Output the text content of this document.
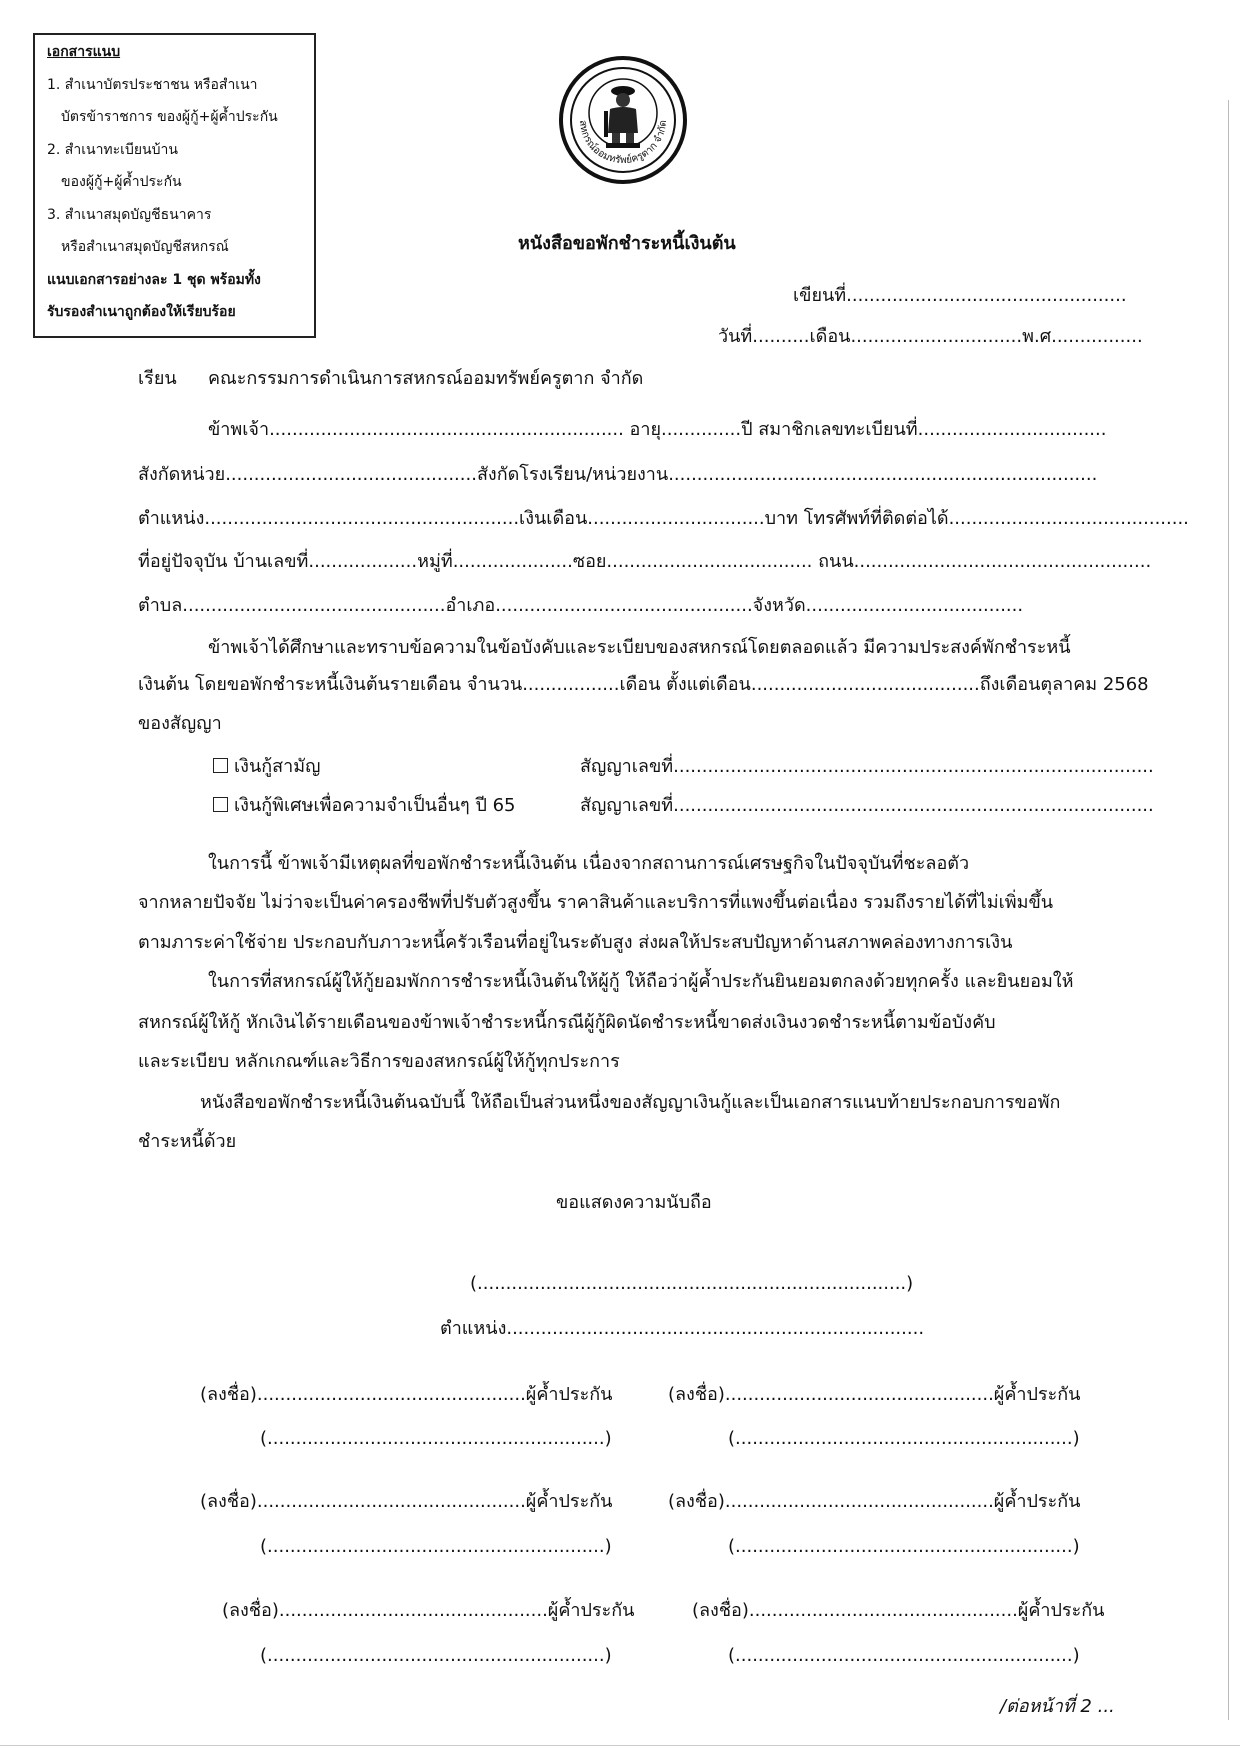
เอกสารแนบ
1. สำเนาบัตรประชาชน หรือสำเนา
บัตรข้าราชการ ของผู้กู้+ผู้ค้ำประกัน
2. สำเนาทะเบียนบ้าน
ของผู้กู้+ผู้ค้ำประกัน
3. สำเนาสมุดบัญชีธนาคาร
หรือสำเนาสมุดบัญชีสหกรณ์
แนบเอกสารอย่างละ 1 ชุด พร้อมทั้ง
รับรองสำเนาถูกต้องให้เรียบร้อย
สหกรณ์ออมทรัพย์ครูตาก จำกัด
หนังสือขอพักชำระหนี้เงินต้น
เขียนที่.................................................
วันที่..........เดือน..............................พ.ศ................
เรียน คณะกรรมการดำเนินการสหกรณ์ออมทรัพย์ครูตาก จำกัด
ข้าพเจ้า.............................................................. อายุ..............ปี สมาชิกเลขทะเบียนที่.................................
สังกัดหน่วย............................................สังกัดโรงเรียน/หน่วยงาน...........................................................................
ตำแหน่ง.......................................................เงินเดือน...............................บาท โทรศัพท์ที่ติดต่อได้..........................................
ที่อยู่ปัจจุบัน บ้านเลขที่...................หมู่ที่.....................ซอย.................................... ถนน....................................................
ตำบล..............................................อำเภอ.............................................จังหวัด......................................
ข้าพเจ้าได้ศึกษาและทราบข้อความในข้อบังคับและระเบียบของสหกรณ์โดยตลอดแล้ว มีความประสงค์พักชำระหนี้
เงินต้น โดยขอพักชำระหนี้เงินต้นรายเดือน จำนวน.................เดือน ตั้งแต่เดือน........................................ถึงเดือนตุลาคม 2568
ของสัญญา
เงินกู้สามัญ	สัญญาเลขที่....................................................................................
เงินกู้พิเศษเพื่อความจำเป็นอื่นๆ ปี 65	สัญญาเลขที่....................................................................................
ในการนี้ ข้าพเจ้ามีเหตุผลที่ขอพักชำระหนี้เงินต้น เนื่องจากสถานการณ์เศรษฐกิจในปัจจุบันที่ชะลอตัว
จากหลายปัจจัย ไม่ว่าจะเป็นค่าครองชีพที่ปรับตัวสูงขึ้น ราคาสินค้าและบริการที่แพงขึ้นต่อเนื่อง รวมถึงรายได้ที่ไม่เพิ่มขึ้น
ตามภาระค่าใช้จ่าย ประกอบกับภาวะหนี้ครัวเรือนที่อยู่ในระดับสูง ส่งผลให้ประสบปัญหาด้านสภาพคล่องทางการเงิน
ในการที่สหกรณ์ผู้ให้กู้ยอมพักการชำระหนี้เงินต้นให้ผู้กู้ ให้ถือว่าผู้ค้ำประกันยินยอมตกลงด้วยทุกครั้ง และยินยอมให้
สหกรณ์ผู้ให้กู้ หักเงินได้รายเดือนของข้าพเจ้าชำระหนี้กรณีผู้กู้ผิดนัดชำระหนี้ขาดส่งเงินงวดชำระหนี้ตามข้อบังคับ
และระเบียบ หลักเกณฑ์และวิธีการของสหกรณ์ผู้ให้กู้ทุกประการ
หนังสือขอพักชำระหนี้เงินต้นฉบับนี้ ให้ถือเป็นส่วนหนึ่งของสัญญาเงินกู้และเป็นเอกสารแนบท้ายประกอบการขอพัก
ชำระหนี้ด้วย
ขอแสดงความนับถือ
(...........................................................................)
ตำแหน่ง.........................................................................
(ลงชื่อ)...............................................ผู้ค้ำประกัน	(ลงชื่อ)...............................................ผู้ค้ำประกัน
(...........................................................)	(...........................................................)
(ลงชื่อ)...............................................ผู้ค้ำประกัน	(ลงชื่อ)...............................................ผู้ค้ำประกัน
(...........................................................)	(...........................................................)
(ลงชื่อ)...............................................ผู้ค้ำประกัน	(ลงชื่อ)...............................................ผู้ค้ำประกัน
(...........................................................)	(...........................................................)
/ต่อหน้าที่ 2 ...
